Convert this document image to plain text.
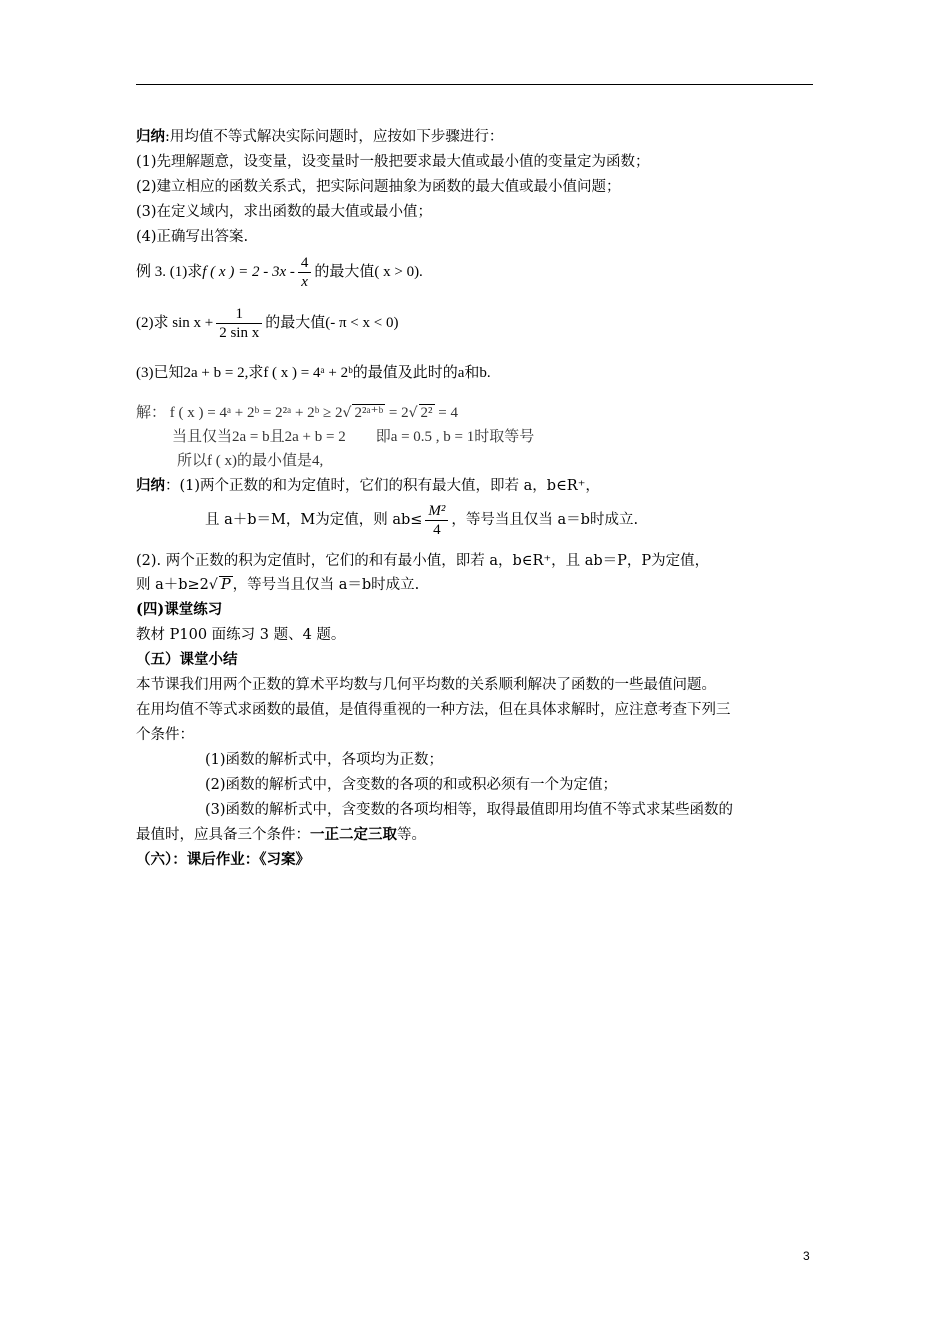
归纳:用均值不等式解决实际问题时，应按如下步骤进行：
(1)先理解题意，设变量，设变量时一般把要求最大值或最小值的变量定为函数；
(2)建立相应的函数关系式，把实际问题抽象为函数的最大值或最小值问题；
(3)在定义域内，求出函数的最大值或最小值；
(4)正确写出答案.
例 3. (1)求f ( x ) = $2 - 3x - \frac{4}{x}$ 的最大值( x > 0).
(2)求 $\sin x + \frac{1}{\text{2 sin x}}$ 的最大值(- π < x < 0)
(3)已知2a + b = 2,求f ( x ) = 4ᵃ + 2ᵇ的最值及此时的a和b.
解： f ( x ) = 4ᵃ + 2ᵇ = 2²ᵃ + 2ᵇ ≥ 2√ 2²ᵃ⁺ᵇ = 2√ 2² = 4
当且仅当2a = b且2a + b = 2　　即a = 0.5 , b = 1时取等号
所以f ( x)的最小值是4,
归纳：(1)两个正数的和为定值时，它们的积有最大值，即若 a，b∈R⁺，
且 a＋b＝M，M为定值，则 $ab\le \frac{\text{M²}}{4}$ ，等号当且仅当 a＝b时成立.
(2). 两个正数的积为定值时，它们的和有最小值，即若 a，b∈R⁺，且 ab＝P，P为定值，
则 a＋b≥2√ P ，等号当且仅当 a＝b时成立.
(四)课堂练习
教材 P100 面练习 3 题、4 题。
（五）课堂小结
本节课我们用两个正数的算术平均数与几何平均数的关系顺利解决了函数的一些最值问题。
在用均值不等式求函数的最值，是值得重视的一种方法，但在具体求解时，应注意考查下列三
个条件：
(1)函数的解析式中，各项均为正数；
(2)函数的解析式中，含变数的各项的和或积必须有一个为定值；
(3)函数的解析式中，含变数的各项均相等，取得最值即用均值不等式求某些函数的
最值时，应具备三个条件：一正二定三取等。
（六）：课后作业：《习案》
3
